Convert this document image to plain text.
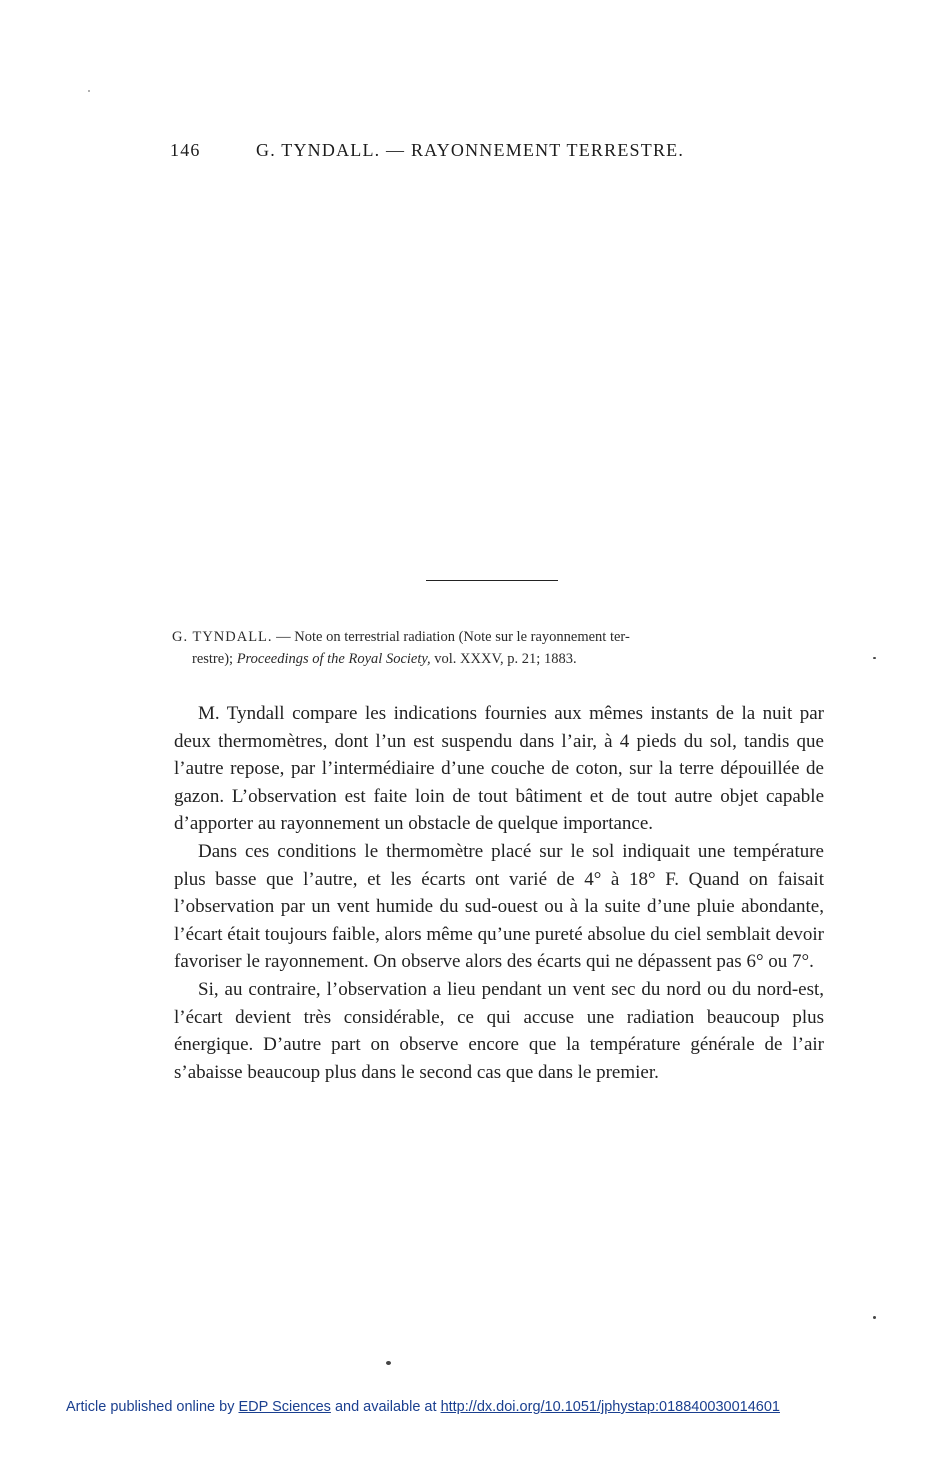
146	G. TYNDALL. — RAYONNEMENT TERRESTRE.
G. TYNDALL. — Note on terrestrial radiation (Note sur le rayonnement ter-
restre); Proceedings of the Royal Society, vol. XXXV, p. 21; 1883.

M. Tyndall compare les indications fournies aux mêmes instants de la nuit par deux thermomètres, dont l’un est suspendu dans l’air, à 4 pieds du sol, tandis que l’autre repose, par l’intermédiaire d’une couche de coton, sur la terre dépouillée de gazon. L’observation est faite loin de tout bâtiment et de tout autre objet capable d’apporter au rayonnement un obstacle de quelque importance.

Dans ces conditions le thermomètre placé sur le sol indiquait une température plus basse que l’autre, et les écarts ont varié de 4° à 18° F. Quand on faisait l’observation par un vent humide du sud-ouest ou à la suite d’une pluie abondante, l’écart était toujours faible, alors même qu’une pureté absolue du ciel semblait devoir favoriser le rayonnement. On observe alors des écarts qui ne dépassent pas 6° ou 7°.

Si, au contraire, l’observation a lieu pendant un vent sec du nord ou du nord-est, l’écart devient très considérable, ce qui accuse une radiation beaucoup plus énergique. D’autre part on observe encore que la température générale de l’air s’abaisse beaucoup plus dans le second cas que dans le premier.

Article published online by EDP Sciences and available at http://dx.doi.org/10.1051/jphystap:018840030014601
